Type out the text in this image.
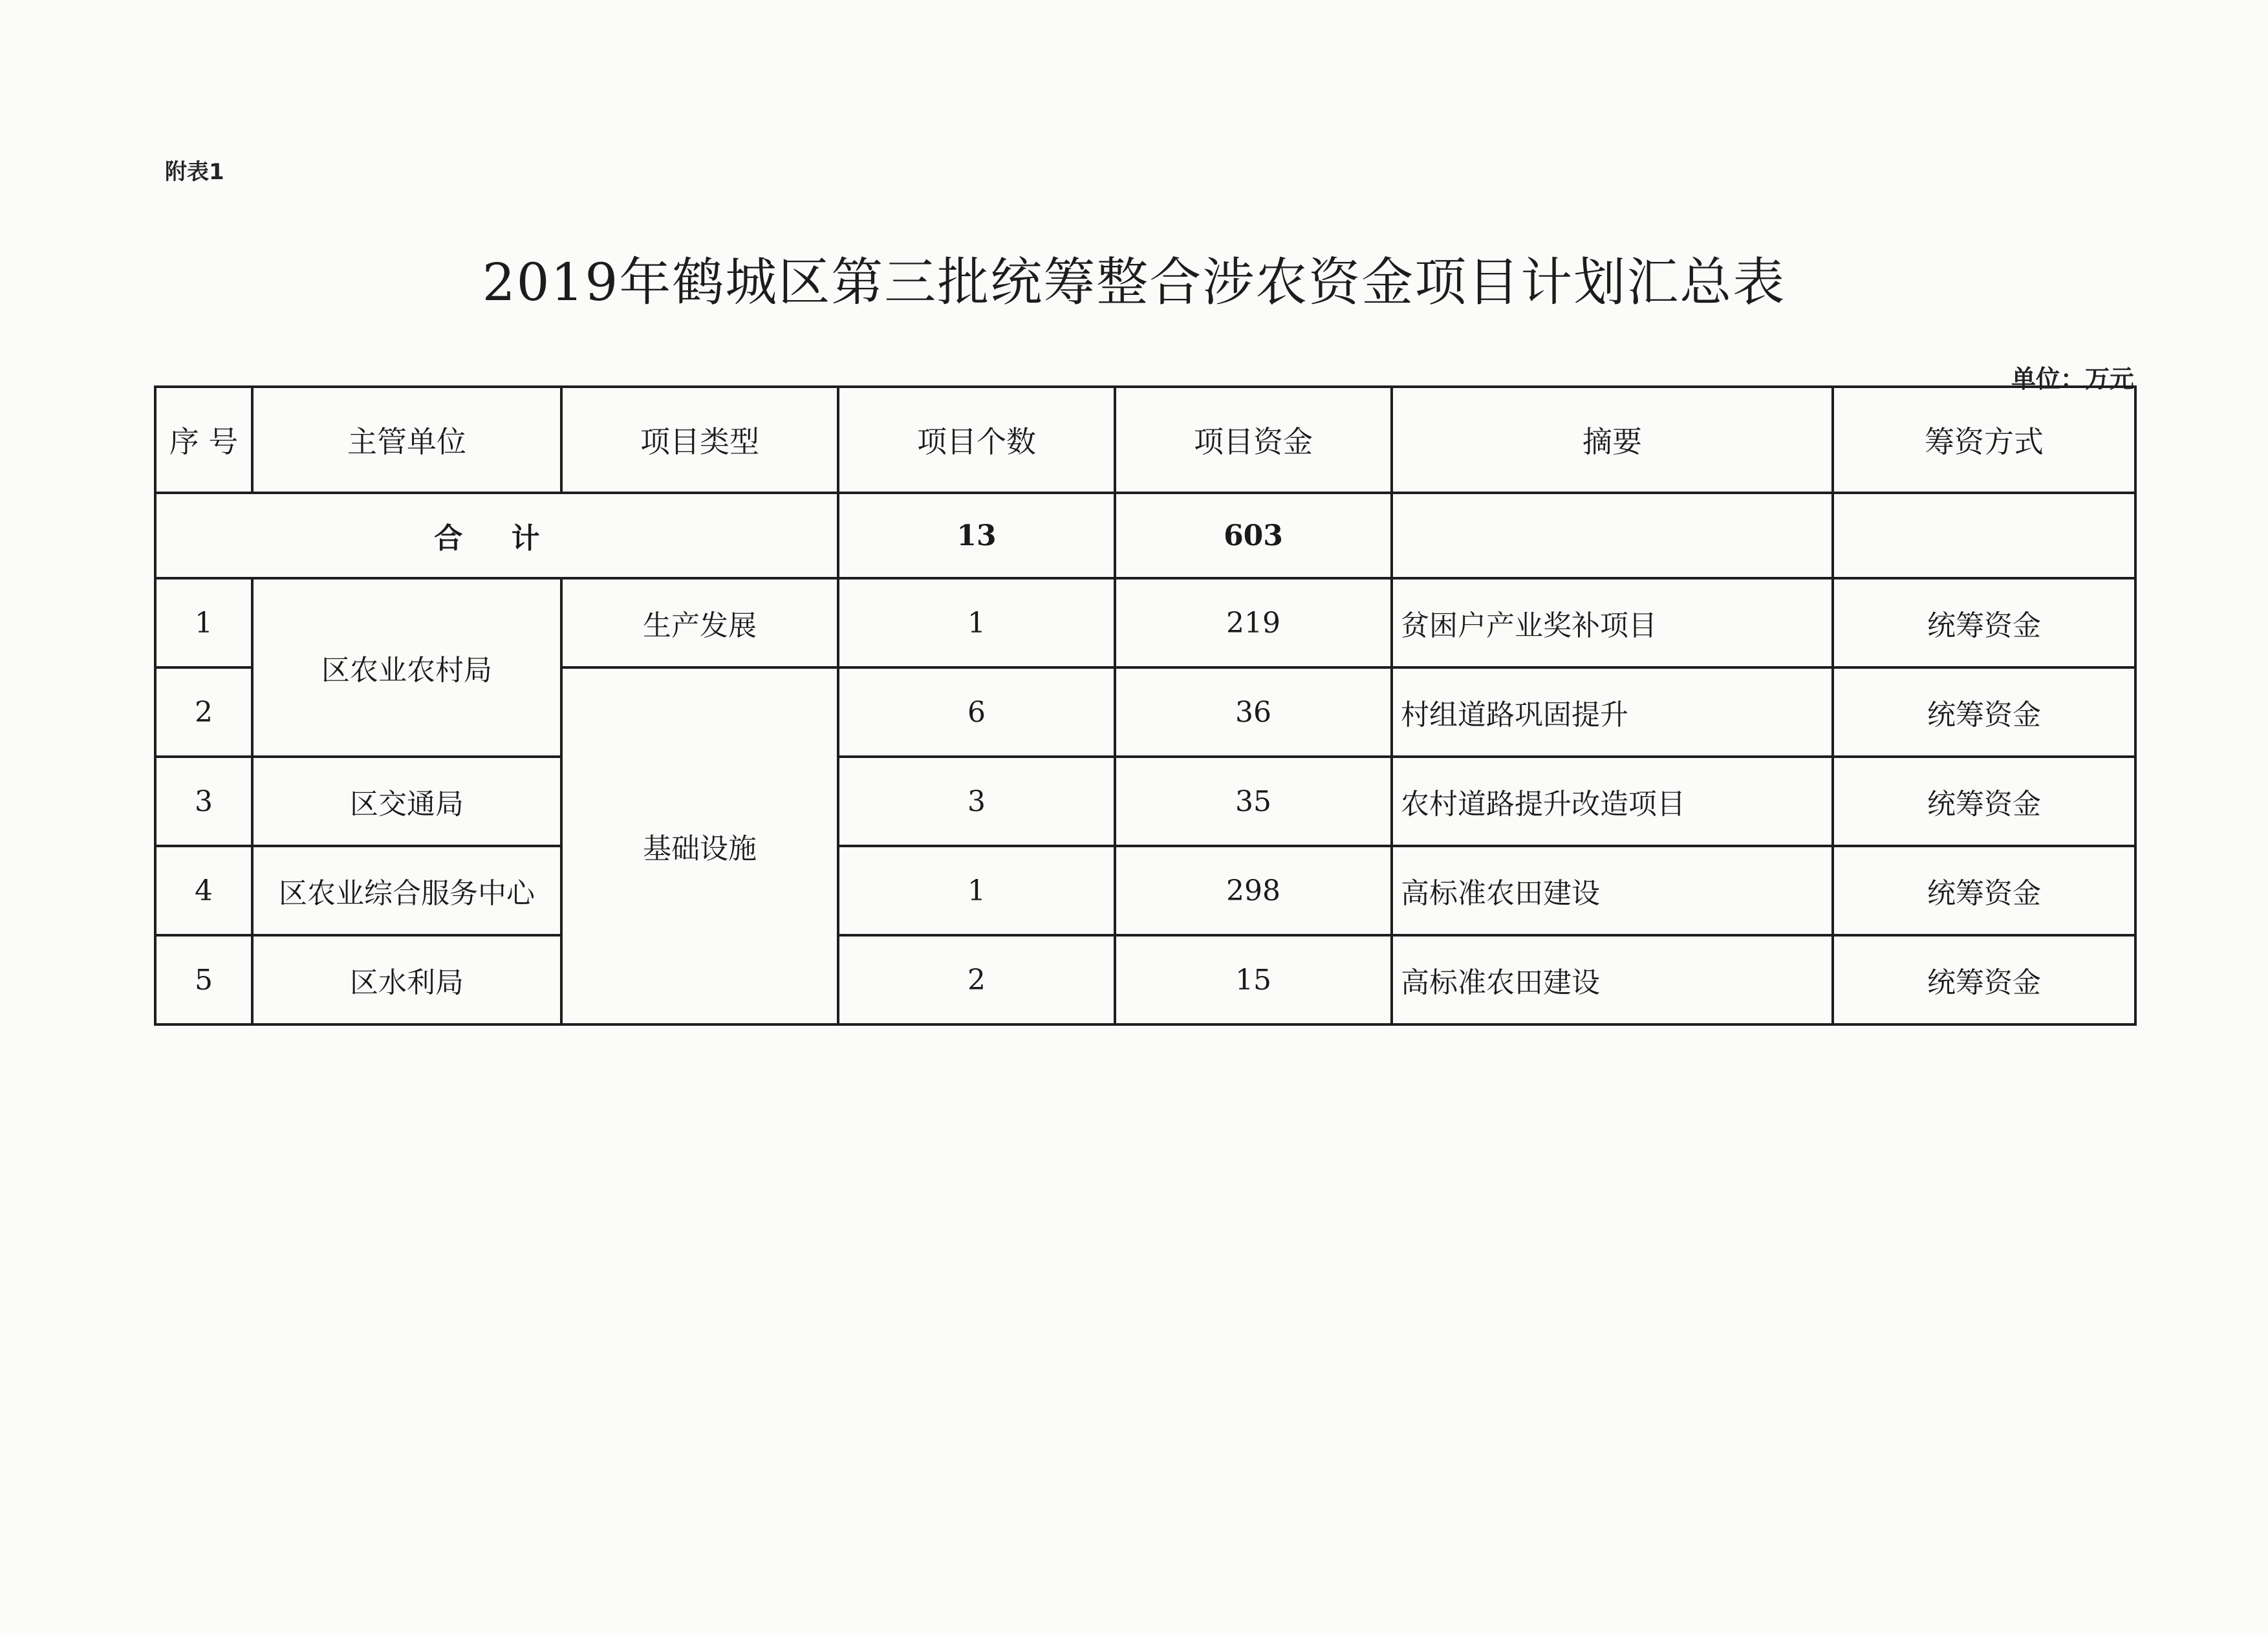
附表1
2019年鹤城区第三批统筹整合涉农资金项目计划汇总表
单位：万元
序 号	主管单位	项目类型	项目个数	项目资金	摘要	筹资方式
合 计			13	603		
1	区农业农村局	生产发展	1	219	贫困户产业奖补项目	统筹资金
2		基础设施	6	36	村组道路巩固提升	统筹资金
3	区交通局		3	35	农村道路提升改造项目	统筹资金
4	区农业综合服务中心		1	298	高标准农田建设	统筹资金
5	区水利局		2	15	高标准农田建设	统筹资金
